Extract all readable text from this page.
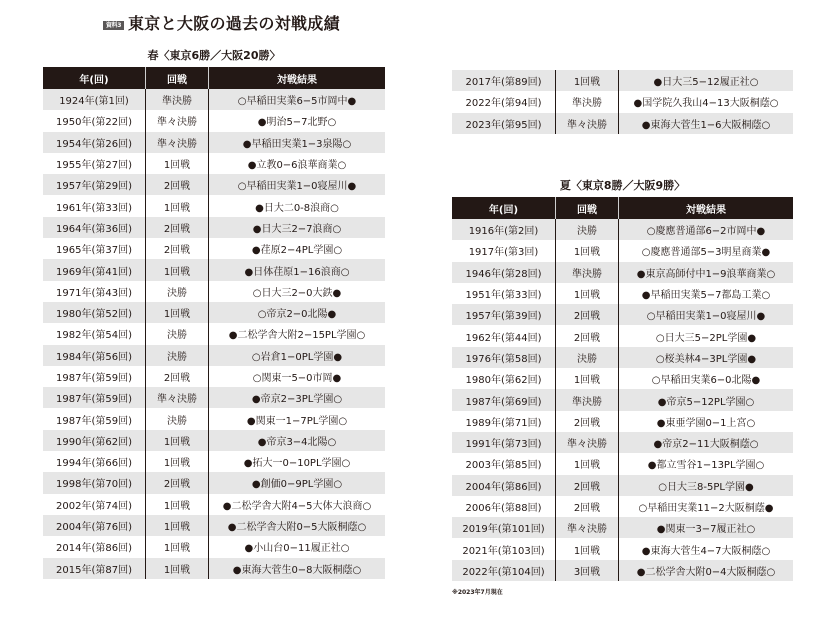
資料3 東京と大阪の過去の対戦成績
春〈東京6勝／大阪20勝〉
年(回)	回戦	対戦結果
1924年(第1回)	準決勝	○早稲田実業6−5市岡中●
1950年(第22回)	準々決勝	●明治5−7北野○
1954年(第26回)	準々決勝	●早稲田実業1−3泉陽○
1955年(第27回)	1回戦	●立教0−6浪華商業○
1957年(第29回)	2回戦	○早稲田実業1−0寝屋川●
1961年(第33回)	1回戦	●日大二0-8浪商○
1964年(第36回)	2回戦	●日大三2−7浪商○
1965年(第37回)	2回戦	●荏原2−4PL学園○
1969年(第41回)	1回戦	●日体荏原1−16浪商○
1971年(第43回)	決勝	○日大三2−0大鉄●
1980年(第52回)	1回戦	○帝京2−0北陽●
1982年(第54回)	決勝	●二松学舎大附2−15PL学園○
1984年(第56回)	決勝	○岩倉1−0PL学園●
1987年(第59回)	2回戦	○関東一5−0市岡●
1987年(第59回)	準々決勝	●帝京2−3PL学園○
1987年(第59回)	決勝	●関東一1−7PL学園○
1990年(第62回)	1回戦	●帝京3−4北陽○
1994年(第66回)	1回戦	●拓大一0−10PL学園○
1998年(第70回)	2回戦	●創価0−9PL学園○
2002年(第74回)	1回戦	●二松学舎大附4−5大体大浪商○
2004年(第76回)	1回戦	●二松学舎大附0−5大阪桐蔭○
2014年(第86回)	1回戦	●小山台0−11履正社○
2015年(第87回)	1回戦	●東海大菅生0−8大阪桐蔭○
2017年(第89回)	1回戦	●日大三5−12履正社○
2022年(第94回)	準決勝	●国学院久我山4−13大阪桐蔭○
2023年(第95回)	準々決勝	●東海大菅生1−6大阪桐蔭○
夏〈東京8勝／大阪9勝〉
年(回)	回戦	対戦結果
1916年(第2回)	決勝	○慶應普通部6−2市岡中●
1917年(第3回)	1回戦	○慶應普通部5−3明星商業●
1946年(第28回)	準決勝	●東京高師付中1−9浪華商業○
1951年(第33回)	1回戦	●早稲田実業5−7都島工業○
1957年(第39回)	2回戦	○早稲田実業1−0寝屋川●
1962年(第44回)	2回戦	○日大三5−2PL学園●
1976年(第58回)	決勝	○桜美林4−3PL学園●
1980年(第62回)	1回戦	○早稲田実業6−0北陽●
1987年(第69回)	準決勝	●帝京5−12PL学園○
1989年(第71回)	2回戦	●東亜学園0−1上宮○
1991年(第73回)	準々決勝	●帝京2−11大阪桐蔭○
2003年(第85回)	1回戦	●都立雪谷1−13PL学園○
2004年(第86回)	2回戦	○日大三8-5PL学園●
2006年(第88回)	2回戦	○早稲田実業11−2大阪桐蔭●
2019年(第101回)	準々決勝	●関東一3−7履正社○
2021年(第103回)	1回戦	●東海大菅生4−7大阪桐蔭○
2022年(第104回)	3回戦	●二松学舎大附0−4大阪桐蔭○
※2023年7月現在
